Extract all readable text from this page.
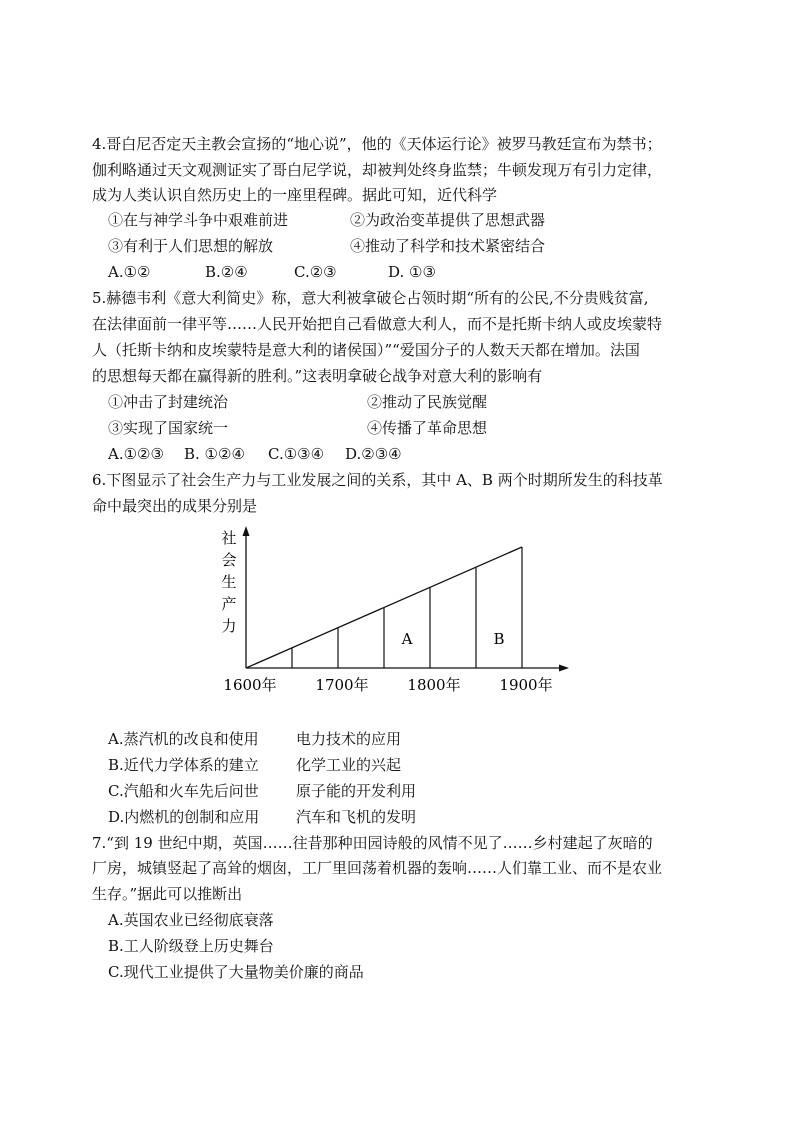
4.哥白尼否定天主教会宣扬的“地心说”，他的《天体运行论》被罗马教廷宣布为禁书；
伽利略通过天文观测证实了哥白尼学说，却被判处终身监禁；牛顿发现万有引力定律，
成为人类认识自然历史上的一座里程碑。据此可知，近代科学
①在与神学斗争中艰难前进	②为政治变革提供了思想武器
③有利于人们思想的解放	④推动了科学和技术紧密结合
A.①②	B.②④	C.②③	D. ①③
5.赫德韦利《意大利简史》称，意大利被拿破仑占领时期“所有的公民,不分贵贱贫富,
在法律面前一律平等……人民开始把自己看做意大利人，而不是托斯卡纳人或皮埃蒙特
人（托斯卡纳和皮埃蒙特是意大利的诸侯国）”“爱国分子的人数天天都在增加。法国
的思想每天都在赢得新的胜利。”这表明拿破仑战争对意大利的影响有
①冲击了封建统治	②推动了民族觉醒
③实现了国家统一	④传播了革命思想
A.①②③ B. ①②④ C.①③④ D.②③④
6.下图显示了社会生产力与工业发展之间的关系，其中 A、B 两个时期所发生的科技革
命中最突出的成果分别是
社
会
生
产
力
A	B
1600年	1700年	1800年	1900年
A.蒸汽机的改良和使用 电力技术的应用
B.近代力学体系的建立 化学工业的兴起
C.汽船和火车先后问世 原子能的开发利用
D.内燃机的创制和应用 汽车和飞机的发明
7.“到 19 世纪中期，英国……往昔那种田园诗般的风情不见了……乡村建起了灰暗的
厂房，城镇竖起了高耸的烟囱，工厂里回荡着机器的轰响……人们靠工业、而不是农业
生存。”据此可以推断出
A.英国农业已经彻底衰落
B.工人阶级登上历史舞台
C.现代工业提供了大量物美价廉的商品
